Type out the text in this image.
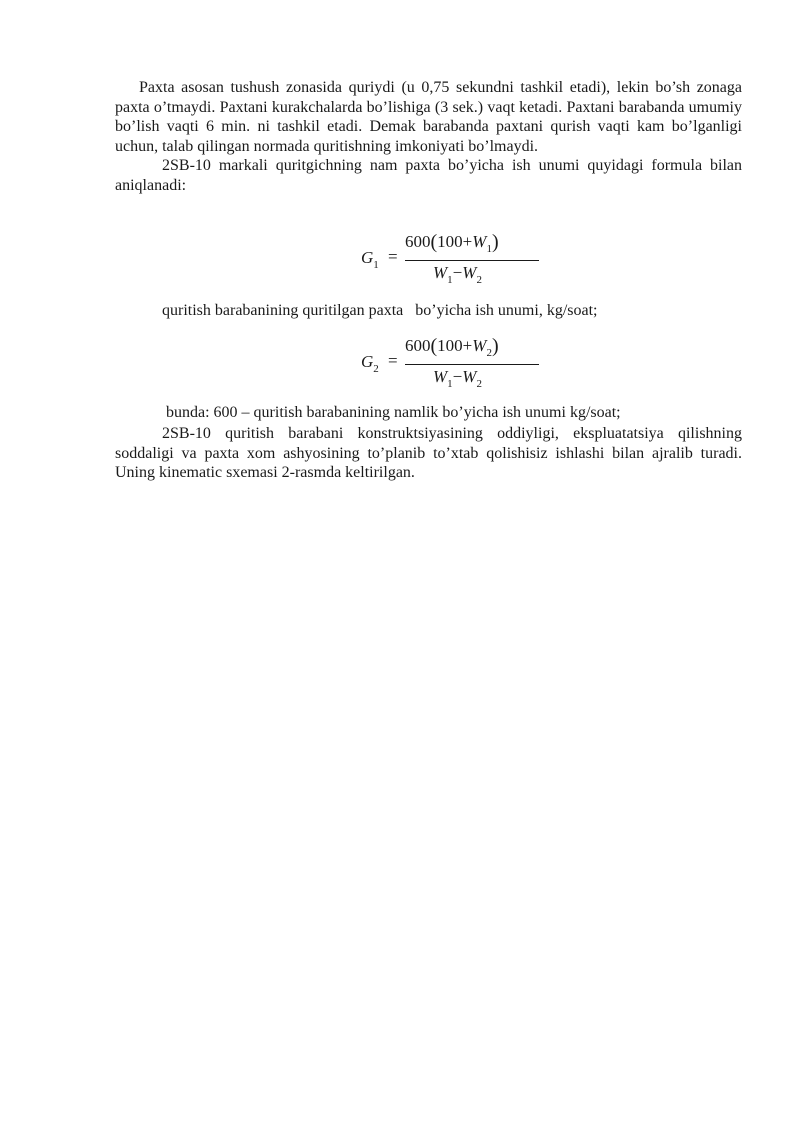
Paxta asosan tushush zonasida quriydi (u 0,75 sekundni tashkil etadi), lekin bo’sh zonaga paxta o’tmaydi. Paxtani kurakchalarda bo’lishiga (3 sek.) vaqt ketadi. Paxtani barabanda umumiy bo’lish vaqti 6 min. ni tashkil etadi. Demak barabanda paxtani qurish vaqti kam bo’lganligi uchun, talab qilingan normada quritishning imkoniyati bo’lmaydi.

2SB-10 markali quritgichning nam paxta bo’yicha ish unumi quyidagi formula bilan aniqlanadi:

$G_1$ =
$600(100+W_1)$
$W_1-W_2$
quritish barabanining quritilgan paxta   bo’yicha ish unumi, kg/soat;
$G_2$ =
$600(100+W_2)$
$W_1-W_2$
bunda: 600 – quritish barabanining namlik bo’yicha ish unumi kg/soat;

2SB-10 quritish barabani konstruktsiyasining oddiyligi, ekspluatatsiya qilishning soddaligi va paxta xom ashyosining to’planib to’xtab qolishisiz ishlashi bilan ajralib turadi. Uning kinematic sxemasi 2-rasmda keltirilgan.
